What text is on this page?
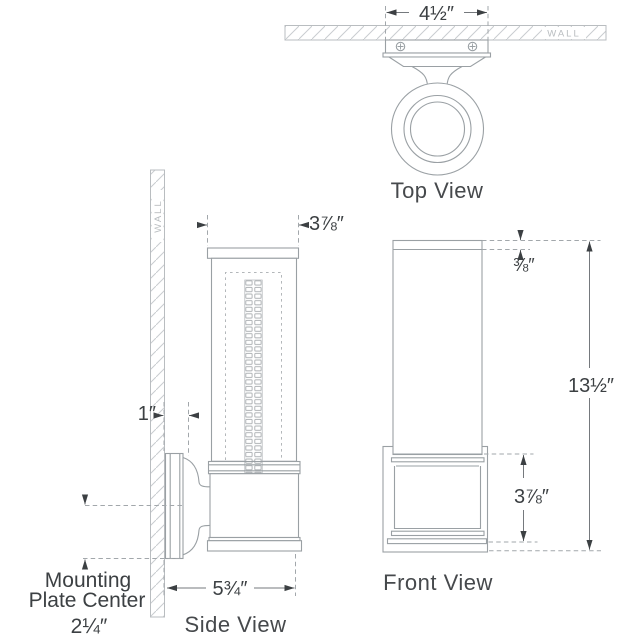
WALL
4½″
Top View
WALL	3⅞″
1″
5¾″
Mounting
Plate Center
2¼″	Side View
⅜″
13½″
3⅞″
Front View
